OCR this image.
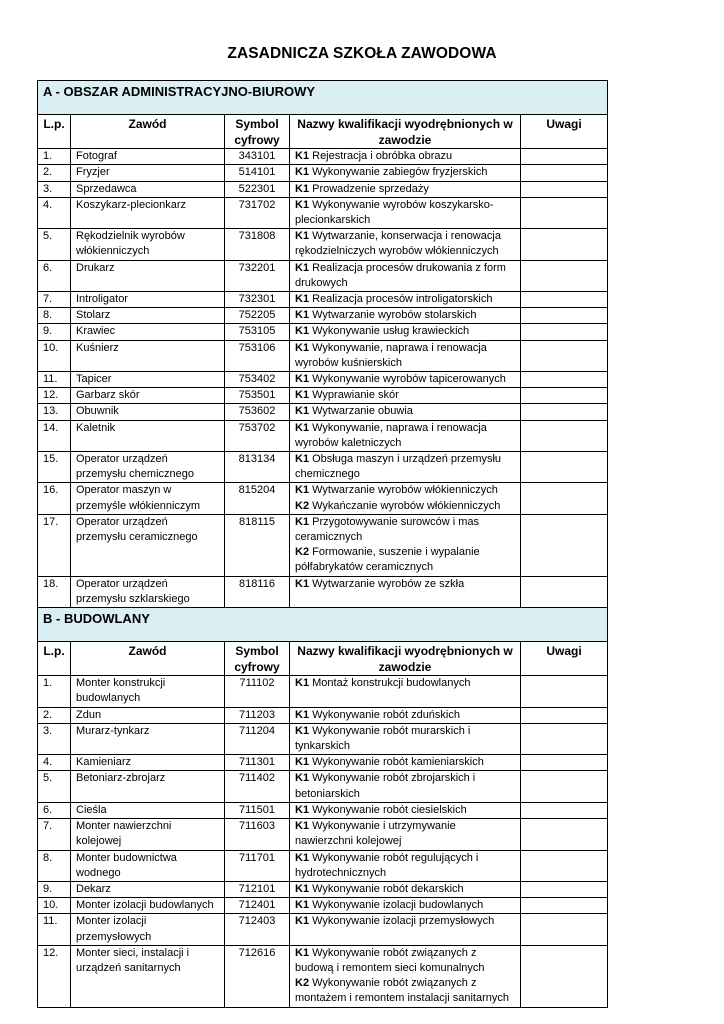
ZASADNICZA SZKOŁA ZAWODOWA
A - OBSZAR ADMINISTRACYJNO-BIUROWY				
L.p.	Zawód	Symbol cyfrowy	Nazwy kwalifikacji wyodrębnionych w zawodzie	Uwagi
1.	Fotograf	343101	K1 Rejestracja i obróbka obrazu	

2.	Fryzjer	514101	K1 Wykonywanie zabiegów fryzjerskich	

3.	Sprzedawca	522301	K1 Prowadzenie sprzedaży	

4.	Koszykarz-plecionkarz	731702	K1 Wykonywanie wyrobów koszykarsko-plecionkarskich	

5.	Rękodzielnik wyrobów włókienniczych	731808	K1 Wytwarzanie, konserwacja i renowacja rękodzielniczych wyrobów włókienniczych	

6.	Drukarz	732201	K1 Realizacja procesów drukowania z form drukowych	

7.	Introligator	732301	K1 Realizacja procesów introligatorskich	

8.	Stolarz	752205	K1 Wytwarzanie wyrobów stolarskich	

9.	Krawiec	753105	K1 Wykonywanie usług krawieckich	

10.	Kuśnierz	753106	K1 Wykonywanie, naprawa i renowacja wyrobów kuśnierskich	

11.	Tapicer	753402	K1 Wykonywanie wyrobów tapicerowanych	

12.	Garbarz skór	753501	K1 Wyprawianie skór	

13.	Obuwnik	753602	K1 Wytwarzanie obuwia	

14.	Kaletnik	753702	K1 Wykonywanie, naprawa i renowacja wyrobów kaletniczych	

15.	Operator urządzeń przemysłu chemicznego	813134	K1 Obsługa maszyn i urządzeń przemysłu chemicznego	

16.	Operator maszyn w przemyśle włókienniczym	815204	K1 Wytwarzanie wyrobów włókienniczych
K2 Wykańczanie wyrobów włókienniczych	

17.	Operator urządzeń przemysłu ceramicznego	818115	K1 Przygotowywanie surowców i mas ceramicznych
K2 Formowanie, suszenie i wypalanie półfabrykatów ceramicznych	

18.	Operator urządzeń przemysłu szklarskiego	818116	K1 Wytwarzanie wyrobów ze szkła	

B - BUDOWLANY				
L.p.	Zawód	Symbol cyfrowy	Nazwy kwalifikacji wyodrębnionych w zawodzie	Uwagi
1.	Monter konstrukcji budowlanych	711102	K1 Montaż konstrukcji budowlanych	

2.	Zdun	711203	K1 Wykonywanie robót zduńskich	

3.	Murarz-tynkarz	711204	K1 Wykonywanie robót murarskich i tynkarskich	

4.	Kamieniarz	711301	K1 Wykonywanie robót kamieniarskich	

5.	Betoniarz-zbrojarz	711402	K1 Wykonywanie robót zbrojarskich i betoniarskich	

6.	Cieśla	711501	K1 Wykonywanie robót ciesielskich	

7.	Monter nawierzchni kolejowej	711603	K1 Wykonywanie i utrzymywanie nawierzchni kolejowej	

8.	Monter budownictwa wodnego	711701	K1 Wykonywanie robót regulujących i hydrotechnicznych	

9.	Dekarz	712101	K1 Wykonywanie robót dekarskich	

10.	Monter izolacji budowlanych	712401	K1 Wykonywanie izolacji budowlanych	

11.	Monter izolacji przemysłowych	712403	K1 Wykonywanie izolacji przemysłowych	

12.	Monter sieci, instalacji i urządzeń sanitarnych	712616	K1 Wykonywanie robót związanych z budową i remontem sieci komunalnych
K2 Wykonywanie robót związanych z montażem i remontem instalacji sanitarnych	
